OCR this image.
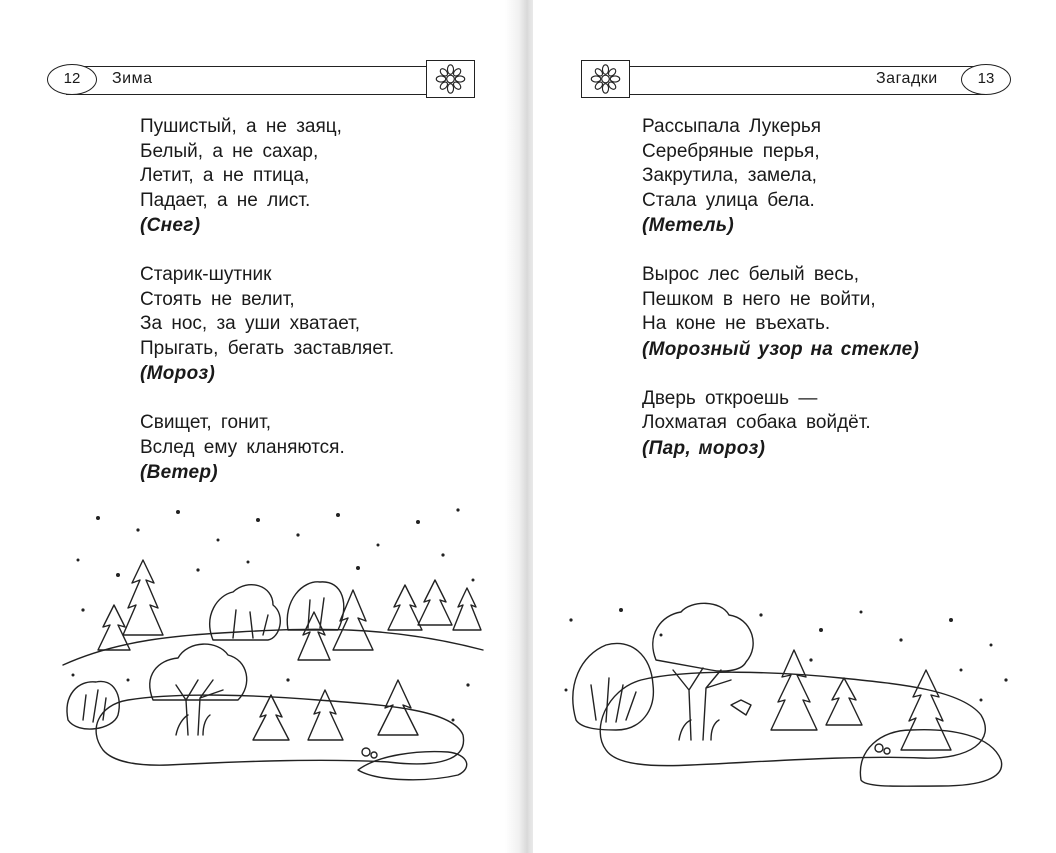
12	Зима
Пушистый, а не заяц,
Белый, а не сахар,
Летит, а не птица,
Падает, а не лист.
(Снег)
Старик-шутник
Стоять не велит,
За нос, за уши хватает,
Прыгать, бегать заставляет.
(Мороз)
Свищет, гонит,
Вслед ему кланяются.
(Ветер)
Загадки	13
Рассыпала Лукерья
Серебряные перья,
Закрутила, замела,
Стала улица бела.
(Метель)
Вырос лес белый весь,
Пешком в него не войти,
На коне не въехать.
(Морозный узор на стекле)
Дверь откроешь —
Лохматая собака войдёт.
(Пар, мороз)
